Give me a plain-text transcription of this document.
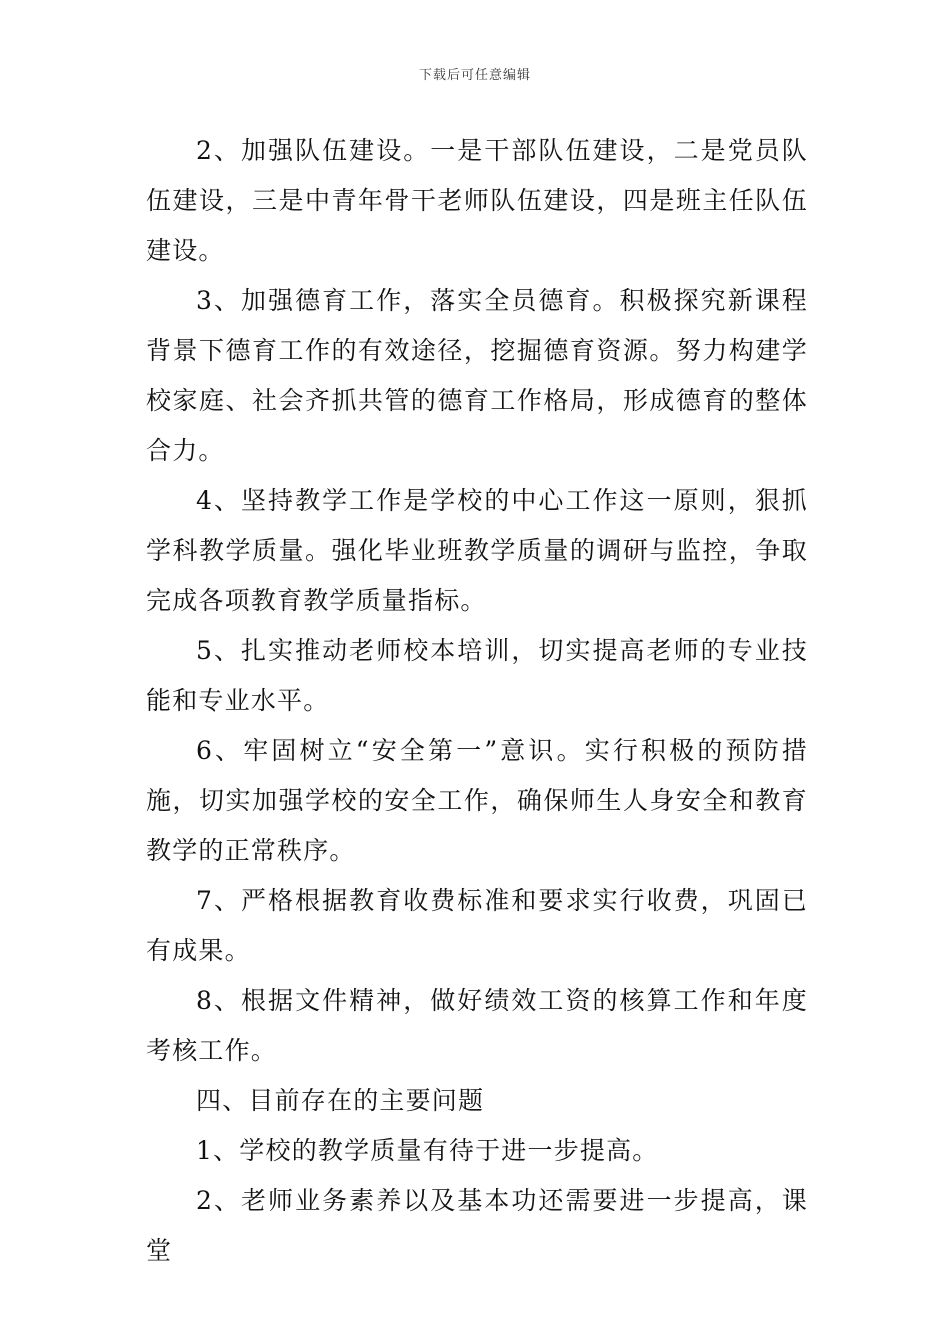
下载后可任意编辑

2、加强队伍建设。一是干部队伍建设，二是党员队伍建设，三是中青年骨干老师队伍建设，四是班主任队伍建设。

3、加强德育工作，落实全员德育。积极探究新课程背景下德育工作的有效途径，挖掘德育资源。努力构建学校家庭、社会齐抓共管的德育工作格局，形成德育的整体合力。

4、坚持教学工作是学校的中心工作这一原则，狠抓学科教学质量。强化毕业班教学质量的调研与监控，争取完成各项教育教学质量指标。

5、扎实推动老师校本培训，切实提高老师的专业技能和专业水平。

6、牢固树立“安全第一”意识。实行积极的预防措施，切实加强学校的安全工作，确保师生人身安全和教育教学的正常秩序。

7、严格根据教育收费标准和要求实行收费，巩固已有成果。

8、根据文件精神，做好绩效工资的核算工作和年度考核工作。

四、目前存在的主要问题

1、学校的教学质量有待于进一步提高。

2、老师业务素养以及基本功还需要进一步提高，课堂
